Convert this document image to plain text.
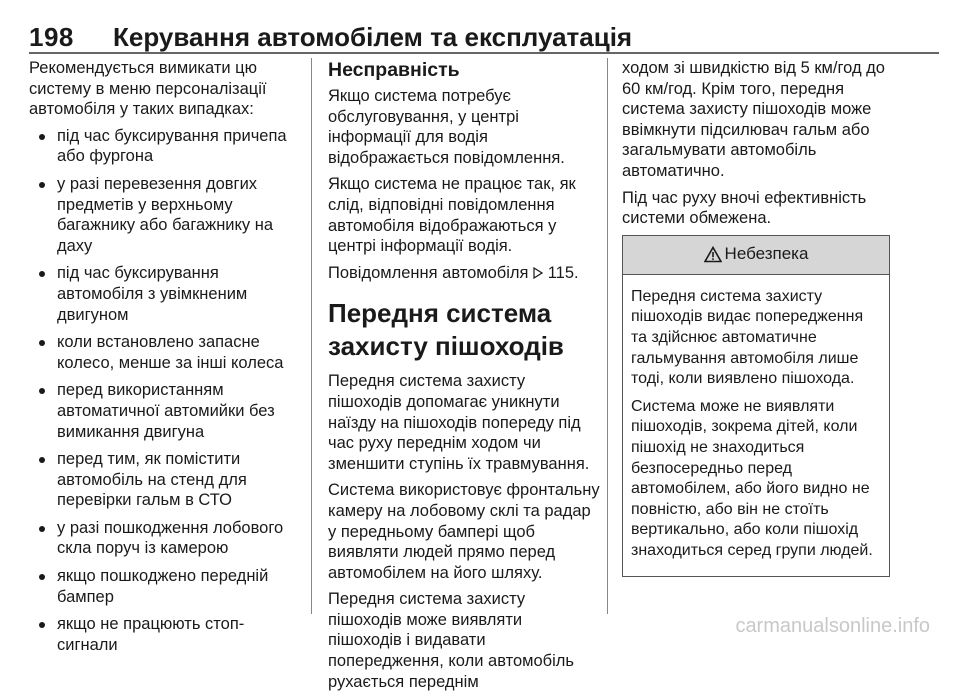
198 Керування автомобілем та експлуатація

Рекомендується вимикати цю систему в меню персоналізації автомобіля у таких випадках:

під час буксирування причепа або фургона
у разі перевезення довгих предметів у верхньому багажнику або багажнику на даху
під час буксирування автомобіля з увімкненим двигуном
коли встановлено запасне колесо, менше за інші колеса
перед використанням автоматичної автомийки без вимикання двигуна
перед тим, як помістити автомобіль на стенд для перевірки гальм в СТО
у разі пошкодження лобового скла поруч із камерою
якщо пошкоджено передній бампер
якщо не працюють стоп-сигнали
Несправність

Якщо система потребує обслуговування, у центрі інформації для водія відображається повідомлення.

Якщо система не працює так, як слід, відповідні повідомлення автомобіля відображаються у центрі інформації водія.

Повідомлення автомобіля 115.

Передня система захисту пішоходів

Передня система захисту пішоходів допомагає уникнути наїзду на пішоходів попереду під час руху переднім ходом чи зменшити ступінь їх травмування.

Система використовує фронтальну камеру на лобовому склі та радар у передньому бампері щоб виявляти людей прямо перед автомобілем на його шляху.

Передня система захисту пішоходів може виявляти пішоходів і видавати попередження, коли автомобіль рухається переднім

ходом зі швидкістю від 5 км/год до 60 км/год. Крім того, передня система захисту пішоходів може ввімкнути підсилювач гальм або загальмувати автомобіль автоматично.

Під час руху вночі ефективність системи обмежена.

Небезпека

Передня система захисту пішоходів видає попередження та здійснює автоматичне гальмування автомобіля лише тоді, коли виявлено пішохода.

Система може не виявляти пішоходів, зокрема дітей, коли пішохід не знаходиться безпосередньо перед автомобілем, або його видно не повністю, або він не стоїть вертикально, або коли пішохід знаходиться серед групи людей.

carmanualsonline.info
